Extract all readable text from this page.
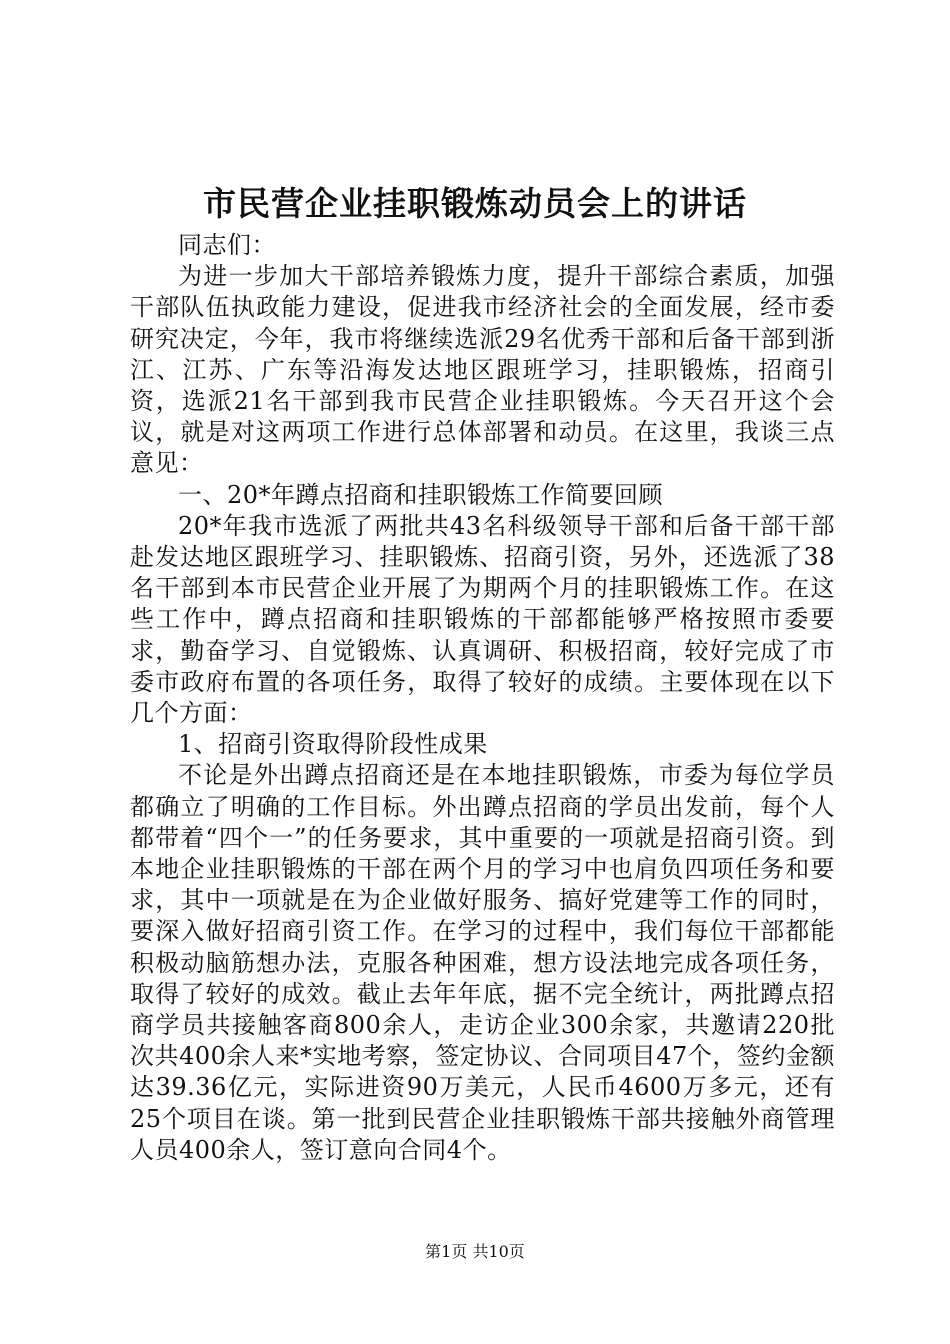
市民营企业挂职锻炼动员会上的讲话

同志们：

为进一步加大干部培养锻炼力度，提升干部综合素质，加强干部队伍执政能力建设，促进我市经济社会的全面发展，经市委研究决定，今年，我市将继续选派29名优秀干部和后备干部到浙江、江苏、广东等沿海发达地区跟班学习，挂职锻炼，招商引资，选派21名干部到我市民营企业挂职锻炼。今天召开这个会议，就是对这两项工作进行总体部署和动员。在这里，我谈三点意见：

一、20*年蹲点招商和挂职锻炼工作简要回顾

20*年我市选派了两批共43名科级领导干部和后备干部干部赴发达地区跟班学习、挂职锻炼、招商引资，另外，还选派了38名干部到本市民营企业开展了为期两个月的挂职锻炼工作。在这些工作中，蹲点招商和挂职锻炼的干部都能够严格按照市委要求，勤奋学习、自觉锻炼、认真调研、积极招商，较好完成了市委市政府布置的各项任务，取得了较好的成绩。主要体现在以下几个方面：

1、招商引资取得阶段性成果

不论是外出蹲点招商还是在本地挂职锻炼，市委为每位学员都确立了明确的工作目标。外出蹲点招商的学员出发前，每个人都带着“四个一”的任务要求，其中重要的一项就是招商引资。到本地企业挂职锻炼的干部在两个月的学习中也肩负四项任务和要求，其中一项就是在为企业做好服务、搞好党建等工作的同时，要深入做好招商引资工作。在学习的过程中，我们每位干部都能积极动脑筋想办法，克服各种困难，想方设法地完成各项任务，取得了较好的成效。截止去年年底，据不完全统计，两批蹲点招商学员共接触客商800余人，走访企业300余家，共邀请220批次共400余人来*实地考察，签定协议、合同项目47个，签约金额达39.36亿元，实际进资90万美元，人民币4600万多元，还有25个项目在谈。第一批到民营企业挂职锻炼干部共接触外商管理人员400余人，签订意向合同4个。

第1页 共10页
